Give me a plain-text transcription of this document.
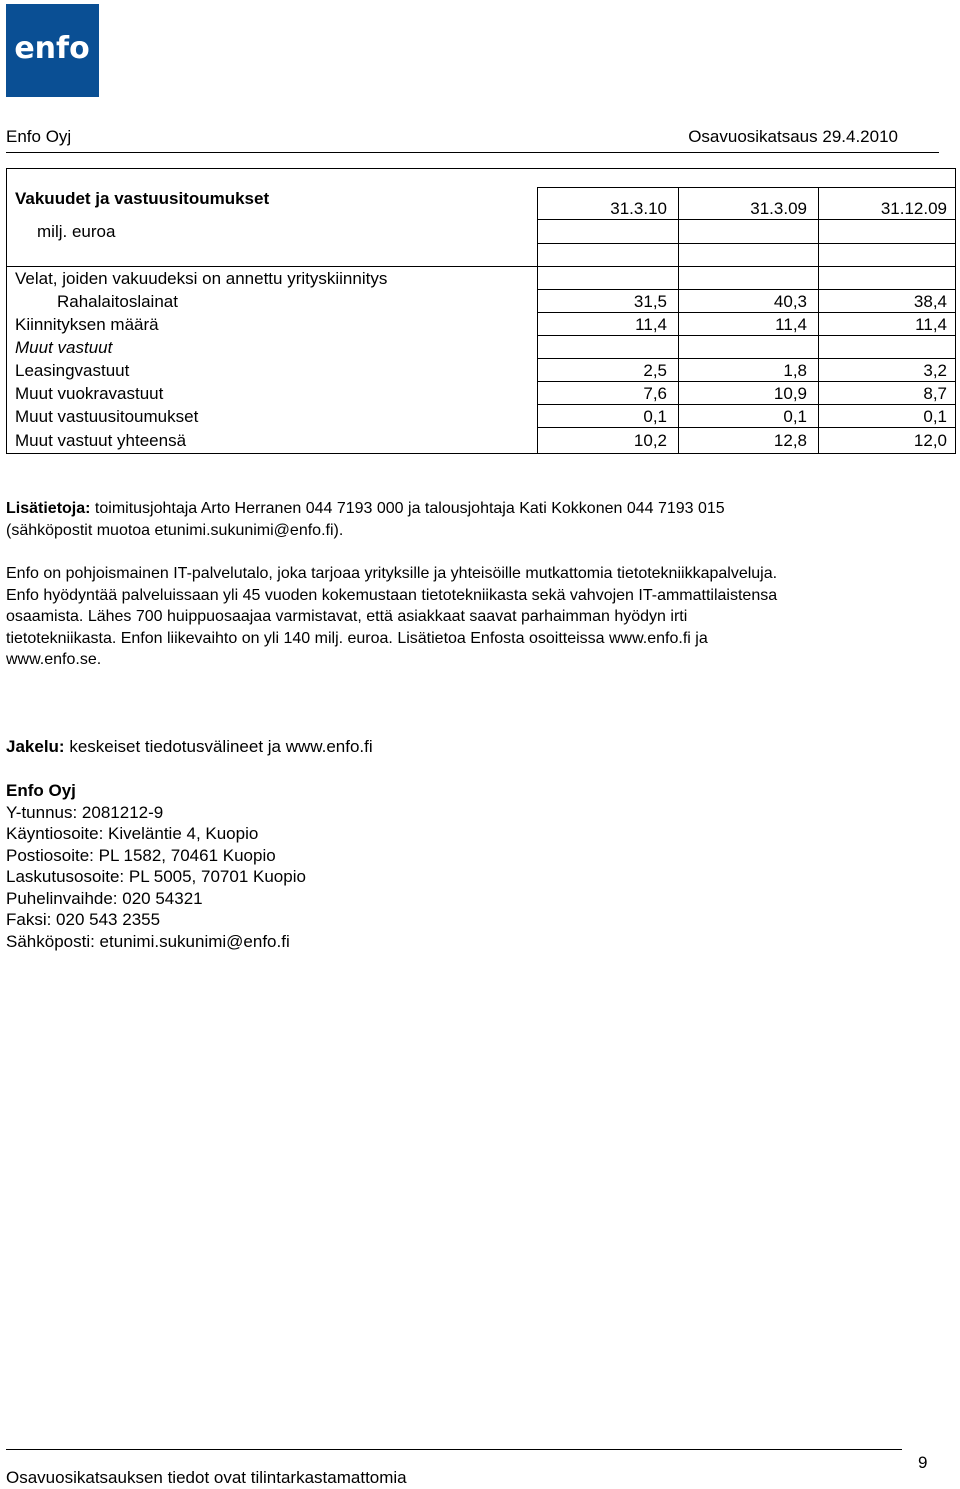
enfo
Enfo Oyj	Osavuosikatsaus 29.4.2010
Vakuudet ja vastuusitoumukset
milj. euroa
31.3.10	31.3.09	31.12.09
Velat, joiden vakuudeksi on annettu yrityskiinnitys
Rahalaitoslainat	31,5	40,3	38,4
Kiinnityksen määrä	11,4	11,4	11,4
Muut vastuut
Leasingvastuut	2,5	1,8	3,2
Muut vuokravastuut	7,6	10,9	8,7
Muut vastuusitoumukset	0,1	0,1	0,1
Muut vastuut yhteensä	10,2	12,8	12,0
Lisätietoja: toimitusjohtaja Arto Herranen 044 7193 000 ja talousjohtaja Kati Kokkonen 044 7193 015
(sähköpostit muotoa etunimi.sukunimi@enfo.fi).
Enfo on pohjoismainen IT-palvelutalo, joka tarjoaa yrityksille ja yhteisöille mutkattomia tietotekniikkapalveluja.
Enfo hyödyntää palveluissaan yli 45 vuoden kokemustaan tietotekniikasta sekä vahvojen IT-ammattilaistensa
osaamista. Lähes 700 huippuosaajaa varmistavat, että asiakkaat saavat parhaimman hyödyn irti
tietotekniikasta. Enfon liikevaihto on yli 140 milj. euroa. Lisätietoa Enfosta osoitteissa www.enfo.fi ja
www.enfo.se.
Jakelu: keskeiset tiedotusvälineet ja www.enfo.fi
Enfo Oyj
Y-tunnus: 2081212-9
Käyntiosoite: Kiveläntie 4, Kuopio
Postiosoite: PL 1582, 70461 Kuopio
Laskutusosoite: PL 5005, 70701 Kuopio
Puhelinvaihde: 020 54321
Faksi: 020 543 2355
Sähköposti: etunimi.sukunimi@enfo.fi
Osavuosikatsauksen tiedot ovat tilintarkastamattomia
9
